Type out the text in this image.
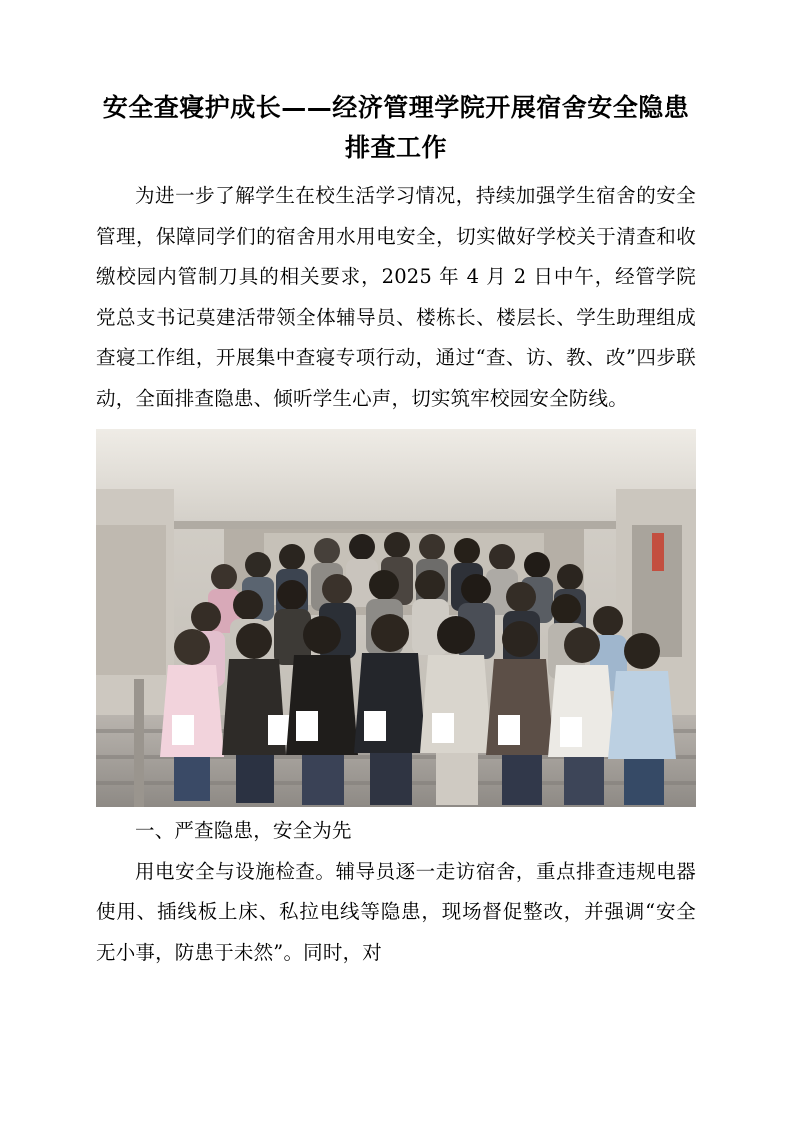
安全查寝护成长——经济管理学院开展宿舍安全隐患排查工作

为进一步了解学生在校生活学习情况，持续加强学生宿舍的安全管理，保障同学们的宿舍用水用电安全，切实做好学校关于清查和收缴校园内管制刀具的相关要求，2025 年 4 月 2 日中午，经管学院党总支书记莫建活带领全体辅导员、楼栋长、楼层长、学生助理组成查寝工作组，开展集中查寝专项行动，通过“查、访、教、改”四步联动，全面排查隐患、倾听学生心声，切实筑牢校园安全防线。

一、严查隐患，安全为先

用电安全与设施检查。辅导员逐一走访宿舍，重点排查违规电器使用、插线板上床、私拉电线等隐患，现场督促整改，并强调“安全无小事，防患于未然”。同时，对
